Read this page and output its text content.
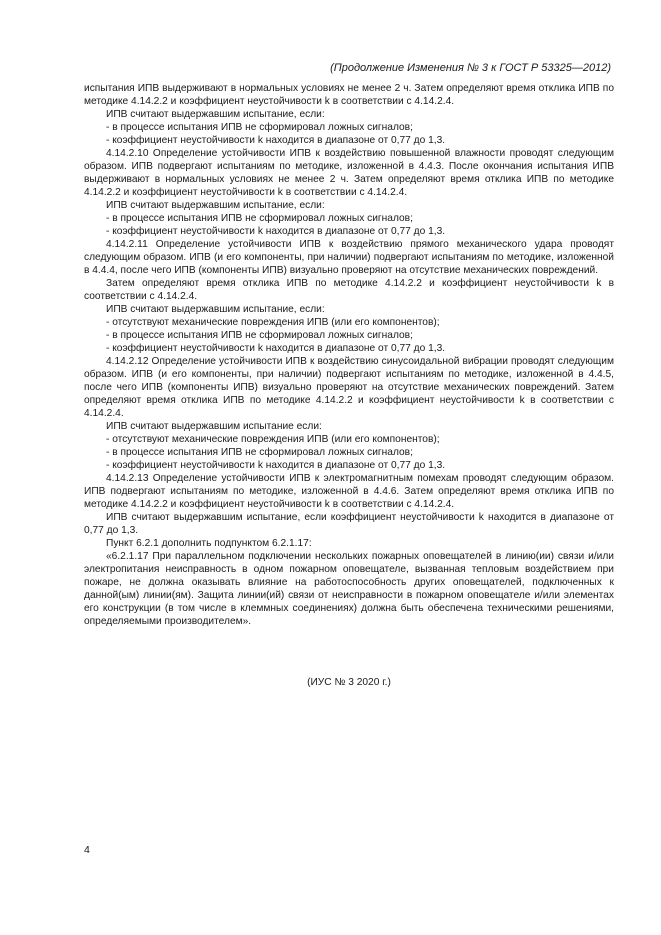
(Продолжение Изменения № 3 к ГОСТ Р 53325—2012)

испытания ИПВ выдерживают в нормальных условиях не менее 2 ч. Затем определяют время отклика ИПВ по методике 4.14.2.2 и коэффициент неустойчивости k в соответствии с 4.14.2.4.

ИПВ считают выдержавшим испытание, если:

- в процессе испытания ИПВ не сформировал ложных сигналов;

- коэффициент неустойчивости k находится в диапазоне от 0,77 до 1,3.

4.14.2.10 Определение устойчивости ИПВ к воздействию повышенной влажности проводят следующим образом. ИПВ подвергают испытаниям по методике, изложенной в 4.4.3. После окончания испытания ИПВ выдерживают в нормальных условиях не менее 2 ч. Затем определяют время отклика ИПВ по методике 4.14.2.2 и коэффициент неустойчивости k в соответствии с 4.14.2.4.

ИПВ считают выдержавшим испытание, если:

- в процессе испытания ИПВ не сформировал ложных сигналов;

- коэффициент неустойчивости k находится в диапазоне от 0,77 до 1,3.

4.14.2.11 Определение устойчивости ИПВ к воздействию прямого механического удара проводят следующим образом. ИПВ (и его компоненты, при наличии) подвергают испытаниям по методике, изложенной в 4.4.4, после чего ИПВ (компоненты ИПВ) визуально проверяют на отсутствие механических повреждений.

Затем определяют время отклика ИПВ по методике 4.14.2.2 и коэффициент неустойчивости k в соответствии с 4.14.2.4.

ИПВ считают выдержавшим испытание, если:

- отсутствуют механические повреждения ИПВ (или его компонентов);

- в процессе испытания ИПВ не сформировал ложных сигналов;

- коэффициент неустойчивости k находится в диапазоне от 0,77 до 1,3.

4.14.2.12 Определение устойчивости ИПВ к воздействию синусоидальной вибрации проводят следующим образом. ИПВ (и его компоненты, при наличии) подвергают испытаниям по методике, изложенной в 4.4.5, после чего ИПВ (компоненты ИПВ) визуально проверяют на отсутствие механических повреждений. Затем определяют время отклика ИПВ по методике 4.14.2.2 и коэффициент неустойчивости k в соответствии с 4.14.2.4.

ИПВ считают выдержавшим испытание если:

- отсутствуют механические повреждения ИПВ (или его компонентов);

- в процессе испытания ИПВ не сформировал ложных сигналов;

- коэффициент неустойчивости k находится в диапазоне от 0,77 до 1,3.

4.14.2.13 Определение устойчивости ИПВ к электромагнитным помехам проводят следующим образом. ИПВ подвергают испытаниям по методике, изложенной в 4.4.6. Затем определяют время отклика ИПВ по методике 4.14.2.2 и коэффициент неустойчивости k в соответствии с 4.14.2.4.

ИПВ считают выдержавшим испытание, если коэффициент неустойчивости k находится в диапазоне от 0,77 до 1,3.

Пункт 6.2.1 дополнить подпунктом 6.2.1.17:

«6.2.1.17 При параллельном подключении нескольких пожарных оповещателей в линию(ии) связи и/или электропитания неисправность в одном пожарном оповещателе, вызванная тепловым воздействием при пожаре, не должна оказывать влияние на работоспособность других оповещателей, подключенных к данной(ым) линии(ям). Защита линии(ий) связи от неисправности в пожарном оповещателе и/или элементах его конструкции (в том числе в клеммных соединениях) должна быть обеспечена техническими решениями, определяемыми производителем».

(ИУС № 3 2020 г.)
4
